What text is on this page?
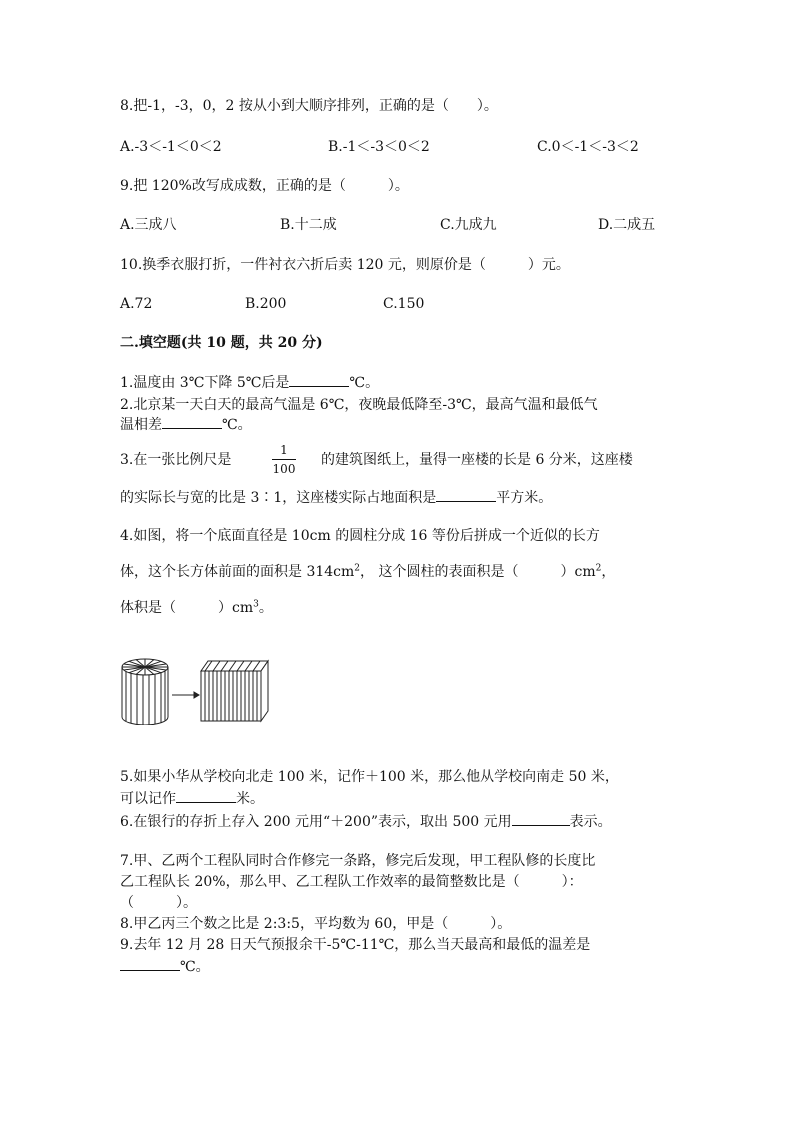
8.把-1，-3，0，2 按从小到大顺序排列，正确的是（　　）。
A.-3＜-1＜0＜2	B.-1＜-3＜0＜2	C.0＜-1＜-3＜2
9.把 120%改写成成数，正确的是（　　　）。
A.三成八	B.十二成	C.九成九	D.二成五
10.换季衣服打折，一件衬衣六折后卖 120 元，则原价是（　　　）元。
A.72	B.200	C.150
二.填空题(共 10 题，共 20 分)
1.温度由 3℃下降 5℃后是	℃。
2.北京某一天白天的最高气温是 6℃，夜晚最低降至-3℃，最高气温和最低气
温相差	℃。
3.在一张比例尺是
1
100
的建筑图纸上，量得一座楼的长是 6 分米，这座楼
的实际长与宽的比是 3∶1，这座楼实际占地面积是	平方米。
4.如图，将一个底面直径是 10cm 的圆柱分成 16 等份后拼成一个近似的长方
体，这个长方体前面的面积是 $314cm^2$， 这个圆柱的表面积是（　　　）$cm^2$，
体积是（　　　）$cm^3$。
5.如果小华从学校向北走 100 米，记作＋100 米，那么他从学校向南走 50 米，
可以记作	米。
6.在银行的存折上存入 200 元用“＋200”表示，取出 500 元用	表示。
7.甲、乙两个工程队同时合作修完一条路，修完后发现，甲工程队修的长度比
乙工程队长 20%，那么甲、乙工程队工作效率的最简整数比是（　　　）：
（　　　）。
8.甲乙丙三个数之比是 2:3:5，平均数为 60，甲是（　　　）。
9.去年 12 月 28 日天气预报余干-5℃-11℃，那么当天最高和最低的温差是
℃。
